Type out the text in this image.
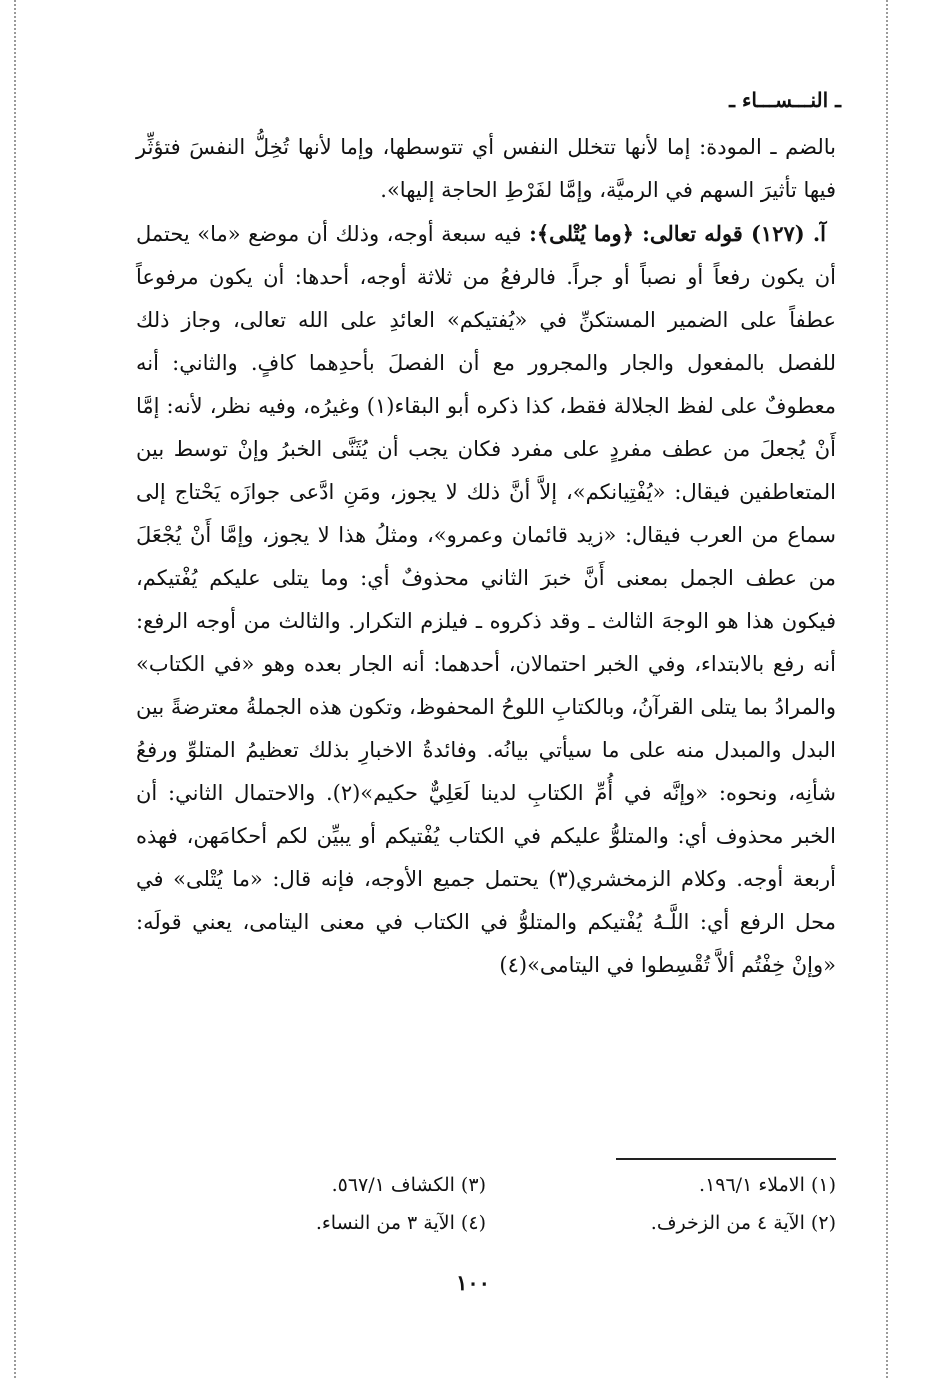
ـ النـــســـاء ـ

بالضم ـ المودة: إما لأنها تتخلل النفس أي تتوسطها، وإما لأنها تُخِلُّ النفسَ فتؤثِّر فيها تأثيرَ السهم في الرميَّة، وإمَّا لفَرْطِ الحاجة إليها».

آ. (١٢٧) قوله تعالى: ﴿وما يُتْلى﴾: فيه سبعة أوجه، وذلك أن موضع «ما» يحتمل أن يكون رفعاً أو نصباً أو جراً. فالرفعُ من ثلاثة أوجه، أحدها: أن يكون مرفوعاً عطفاً على الضمير المستكنِّ في «يُفتيكم» العائدِ على الله تعالى، وجاز ذلك للفصل بالمفعول والجار والمجرور مع أن الفصلَ بأحدِهما كافٍ. والثاني: أنه معطوفٌ على لفظ الجلالة فقط، كذا ذكره أبو البقاء(١) وغيرُه، وفيه نظر، لأنه: إمَّا أَنْ يُجعلَ من عطف مفردٍ على مفرد فكان يجب أن يُثَنَّى الخبرُ وإنْ توسط بين المتعاطفين فيقال: «يُفْتِيانكم»، إلاَّ أنَّ ذلك لا يجوز، ومَنِ ادَّعى جوازَه يَحْتاج إلى سماع من العرب فيقال: «زيد قائمان وعمرو»، ومثلُ هذا لا يجوز، وإمَّا أَنْ يُجْعَلَ من عطف الجمل بمعنى أَنَّ خبرَ الثاني محذوفٌ أي: وما يتلى عليكم يُفْتيكم، فيكون هذا هو الوجهَ الثالث ـ وقد ذكروه ـ فيلزم التكرار. والثالث من أوجه الرفع: أنه رفع بالابتداء، وفي الخبر احتمالان، أحدهما: أنه الجار بعده وهو «في الكتاب» والمرادُ بما يتلى القرآنُ، وبالكتابِ اللوحُ المحفوظ، وتكون هذه الجملةُ معترضةً بين البدل والمبدل منه على ما سيأتي بيانُه. وفائدةُ الاخبارِ بذلك تعظيمُ المتلوِّ ورفعُ شأنِه، ونحوه: «وإنَّه في أُمِّ الكتابِ لدينا لَعَلِيٌّ حكيم»(٢). والاحتمال الثاني: أن الخبر محذوف أي: والمتلوُّ عليكم في الكتاب يُفْتيكم أو يبيِّن لكم أحكامَهن، فهذه أربعة أوجه. وكلام الزمخشري(٣) يحتمل جميع الأوجه، فإنه قال: «ما يُتْلى» في محل الرفع أي: اللَّـهُ يُفْتيكم والمتلوُّ في الكتاب في معنى اليتامى، يعني قولَه: «وإنْ خِفْتُم ألاَّ تُقْسِطوا في اليتامى»(٤)

(١) الاملاء ١٩٦/١.
(٢) الآية ٤ من الزخرف.
(٣) الكشاف ٥٦٧/١.
(٤) الآية ٣ من النساء.
١٠٠
